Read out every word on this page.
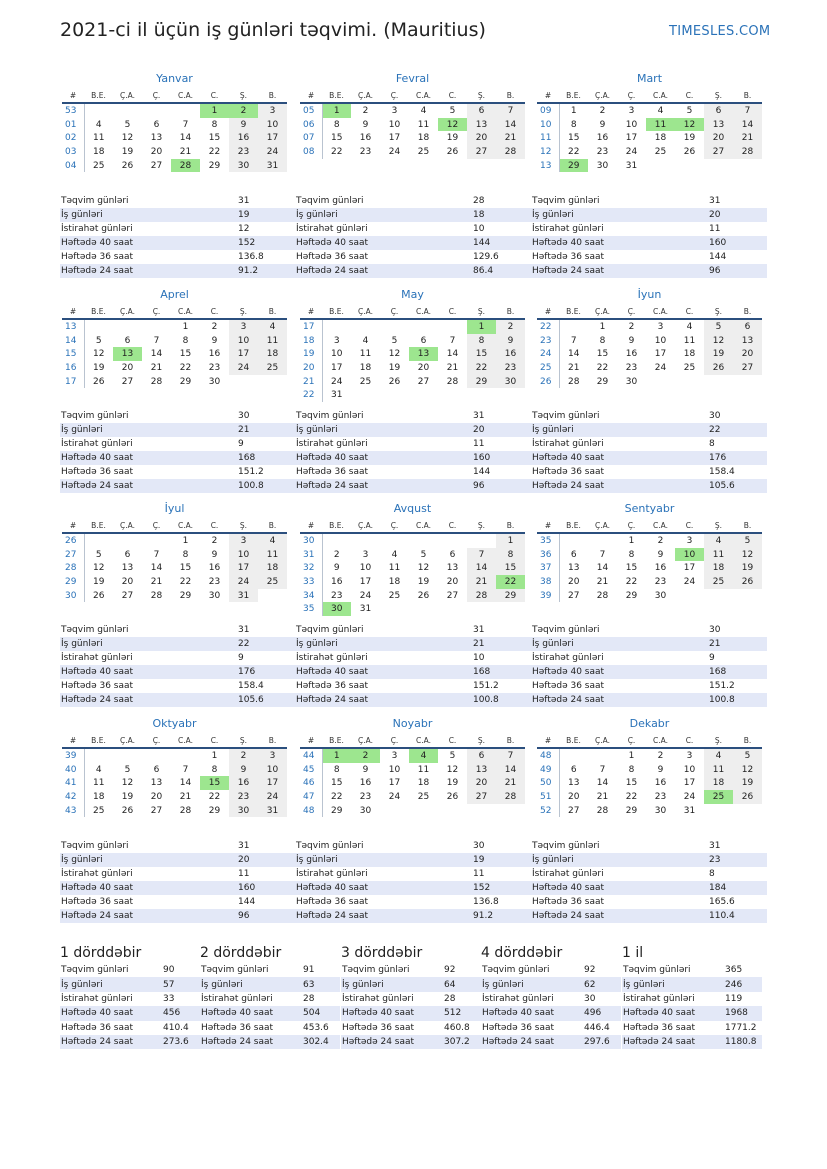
2021-ci il üçün iş günləri təqvimi. (Mauritius)	TIMESLES.COM
Yanvar
#	B.E.	Ç.A.	Ç.	C.A.	C.	Ş.	B.
53					1	2	3
01	4	5	6	7	8	9	10
02	11	12	13	14	15	16	17
03	18	19	20	21	22	23	24
04	25	26	27	28	29	30	31
Təqvim günləri	31
İş günləri	19
İstirahət günləri	12
Həftədə 40 saat	152
Həftədə 36 saat	136.8
Həftədə 24 saat	91.2
Fevral
#	B.E.	Ç.A.	Ç.	C.A.	C.	Ş.	B.
05	1	2	3	4	5	6	7
06	8	9	10	11	12	13	14
07	15	16	17	18	19	20	21
08	22	23	24	25	26	27	28
Təqvim günləri	28
İş günləri	18
İstirahət günləri	10
Həftədə 40 saat	144
Həftədə 36 saat	129.6
Həftədə 24 saat	86.4
Mart
#	B.E.	Ç.A.	Ç.	C.A.	C.	Ş.	B.
09	1	2	3	4	5	6	7
10	8	9	10	11	12	13	14
11	15	16	17	18	19	20	21
12	22	23	24	25	26	27	28
13	29	30	31				
Təqvim günləri	31
İş günləri	20
İstirahət günləri	11
Həftədə 40 saat	160
Həftədə 36 saat	144
Həftədə 24 saat	96
Aprel
#	B.E.	Ç.A.	Ç.	C.A.	C.	Ş.	B.
13				1	2	3	4
14	5	6	7	8	9	10	11
15	12	13	14	15	16	17	18
16	19	20	21	22	23	24	25
17	26	27	28	29	30		
Təqvim günləri	30
İş günləri	21
İstirahət günləri	9
Həftədə 40 saat	168
Həftədə 36 saat	151.2
Həftədə 24 saat	100.8
May
#	B.E.	Ç.A.	Ç.	C.A.	C.	Ş.	B.
17						1	2
18	3	4	5	6	7	8	9
19	10	11	12	13	14	15	16
20	17	18	19	20	21	22	23
21	24	25	26	27	28	29	30
22	31						
Təqvim günləri	31
İş günləri	20
İstirahət günləri	11
Həftədə 40 saat	160
Həftədə 36 saat	144
Həftədə 24 saat	96
İyun
#	B.E.	Ç.A.	Ç.	C.A.	C.	Ş.	B.
22		1	2	3	4	5	6
23	7	8	9	10	11	12	13
24	14	15	16	17	18	19	20
25	21	22	23	24	25	26	27
26	28	29	30				
Təqvim günləri	30
İş günləri	22
İstirahət günləri	8
Həftədə 40 saat	176
Həftədə 36 saat	158.4
Həftədə 24 saat	105.6
İyul
#	B.E.	Ç.A.	Ç.	C.A.	C.	Ş.	B.
26				1	2	3	4
27	5	6	7	8	9	10	11
28	12	13	14	15	16	17	18
29	19	20	21	22	23	24	25
30	26	27	28	29	30	31	
Təqvim günləri	31
İş günləri	22
İstirahət günləri	9
Həftədə 40 saat	176
Həftədə 36 saat	158.4
Həftədə 24 saat	105.6
Avqust
#	B.E.	Ç.A.	Ç.	C.A.	C.	Ş.	B.
30							1
31	2	3	4	5	6	7	8
32	9	10	11	12	13	14	15
33	16	17	18	19	20	21	22
34	23	24	25	26	27	28	29
35	30	31					
Təqvim günləri	31
İş günləri	21
İstirahət günləri	10
Həftədə 40 saat	168
Həftədə 36 saat	151.2
Həftədə 24 saat	100.8
Sentyabr
#	B.E.	Ç.A.	Ç.	C.A.	C.	Ş.	B.
35			1	2	3	4	5
36	6	7	8	9	10	11	12
37	13	14	15	16	17	18	19
38	20	21	22	23	24	25	26
39	27	28	29	30			
Təqvim günləri	30
İş günləri	21
İstirahət günləri	9
Həftədə 40 saat	168
Həftədə 36 saat	151.2
Həftədə 24 saat	100.8
Oktyabr
#	B.E.	Ç.A.	Ç.	C.A.	C.	Ş.	B.
39					1	2	3
40	4	5	6	7	8	9	10
41	11	12	13	14	15	16	17
42	18	19	20	21	22	23	24
43	25	26	27	28	29	30	31
Təqvim günləri	31
İş günləri	20
İstirahət günləri	11
Həftədə 40 saat	160
Həftədə 36 saat	144
Həftədə 24 saat	96
Noyabr
#	B.E.	Ç.A.	Ç.	C.A.	C.	Ş.	B.
44	1	2	3	4	5	6	7
45	8	9	10	11	12	13	14
46	15	16	17	18	19	20	21
47	22	23	24	25	26	27	28
48	29	30					
Təqvim günləri	30
İş günləri	19
İstirahət günləri	11
Həftədə 40 saat	152
Həftədə 36 saat	136.8
Həftədə 24 saat	91.2
Dekabr
#	B.E.	Ç.A.	Ç.	C.A.	C.	Ş.	B.
48			1	2	3	4	5
49	6	7	8	9	10	11	12
50	13	14	15	16	17	18	19
51	20	21	22	23	24	25	26
52	27	28	29	30	31		
Təqvim günləri	31
İş günləri	23
İstirahət günləri	8
Həftədə 40 saat	184
Həftədə 36 saat	165.6
Həftədə 24 saat	110.4
1 dörddəbir
Təqvim günləri	90
İş günləri	57
İstirahət günləri	33
Həftədə 40 saat	456
Həftədə 36 saat	410.4
Həftədə 24 saat	273.6
2 dörddəbir
Təqvim günləri	91
İş günləri	63
İstirahət günləri	28
Həftədə 40 saat	504
Həftədə 36 saat	453.6
Həftədə 24 saat	302.4
3 dörddəbir
Təqvim günləri	92
İş günləri	64
İstirahət günləri	28
Həftədə 40 saat	512
Həftədə 36 saat	460.8
Həftədə 24 saat	307.2
4 dörddəbir
Təqvim günləri	92
İş günləri	62
İstirahət günləri	30
Həftədə 40 saat	496
Həftədə 36 saat	446.4
Həftədə 24 saat	297.6
1 il
Təqvim günləri	365
İş günləri	246
İstirahət günləri	119
Həftədə 40 saat	1968
Həftədə 36 saat	1771.2
Həftədə 24 saat	1180.8
